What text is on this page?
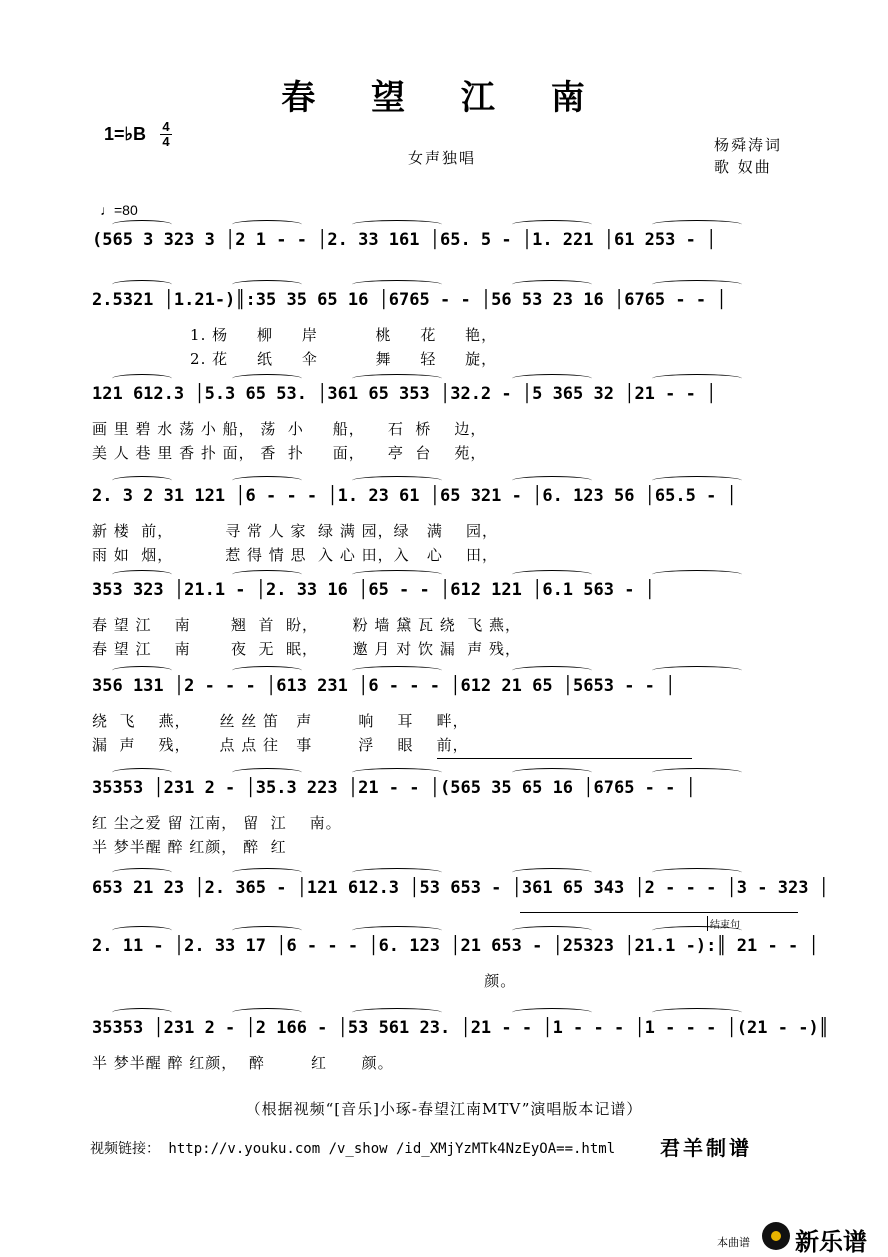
春 望 江 南
1=♭B 4
4
女声独唱
杨舜涛词
歌 奴曲
♩=80
(565 3 323 3 │2 1 - - │2. 33 161 │65. 5 - │1. 221 │61 253 - │
2.5321 │1.21-)║:35 35 65 16 │6765 - - │56 53 23 16 │6765 - - │
1. 杨     柳     岸          桃     花     艳，
2. 花     纸     伞          舞     轻     旋，
121 612.3 │5.3 65 53. │361 65 353 │32.2 - │5 365 32 │21 - - │
画 里 碧 水 荡 小 船， 荡  小     船，    石  桥    边，
美 人 巷 里 香 扑 面， 香  扑     面，    亭  台    苑，
2. 3 2 31 121 │6 - - - │1. 23 61 │65 321 - │6. 123 56 │65.5 - │
新 楼  前，         寻 常 人 家  绿 满 园，绿   满    园，
雨 如  烟，         惹 得 情 思  入 心 田，入   心    田，
353 323 │21.1 - │2. 33 16 │65 - - │612 121 │6.1 563 - │
春 望 江    南       翘  首  盼，      粉 墙 黛 瓦 绕  飞 燕，
春 望 江    南       夜  无  眠，      邀 月 对 饮 漏  声 残，
356 131 │2 - - - │613 231 │6 - - - │612 21 65 │5653 - - │
绕  飞    燕，     丝 丝 笛   声        响    耳    畔，
漏  声    残，     点 点 往   事        浮    眼    前，
35353 │231 2 - │35.3 223 │21 - - │(565 35 65 16 │6765 - - │
红 尘之爱 留 江南， 留  江    南。
半 梦半醒 醉 红颜， 醉  红
653 21 23 │2. 365 - │121 612.3 │53 653 - │361 65 343 │2 - - - │3 - 323 │
2. 11 - │2. 33 17 │6 - - - │6. 123 │21 653 - │25323 │21.1 -):║ 21 - - │
颜。
35353 │231 2 - │2 166 - │53 561 23. │21 - - │1 - - - │1 - - - │(21 - -)║
半 梦半醒 醉 红颜，  醉        红      颜。
结束句
（根据视频“[音乐]小琢-春望江南MTV”演唱版本记谱）
视频链接： http://v.youku.com /v_show /id_XMjYzMTk4NzEyOA==.html 君羊制谱
本曲谱 新乐谱
